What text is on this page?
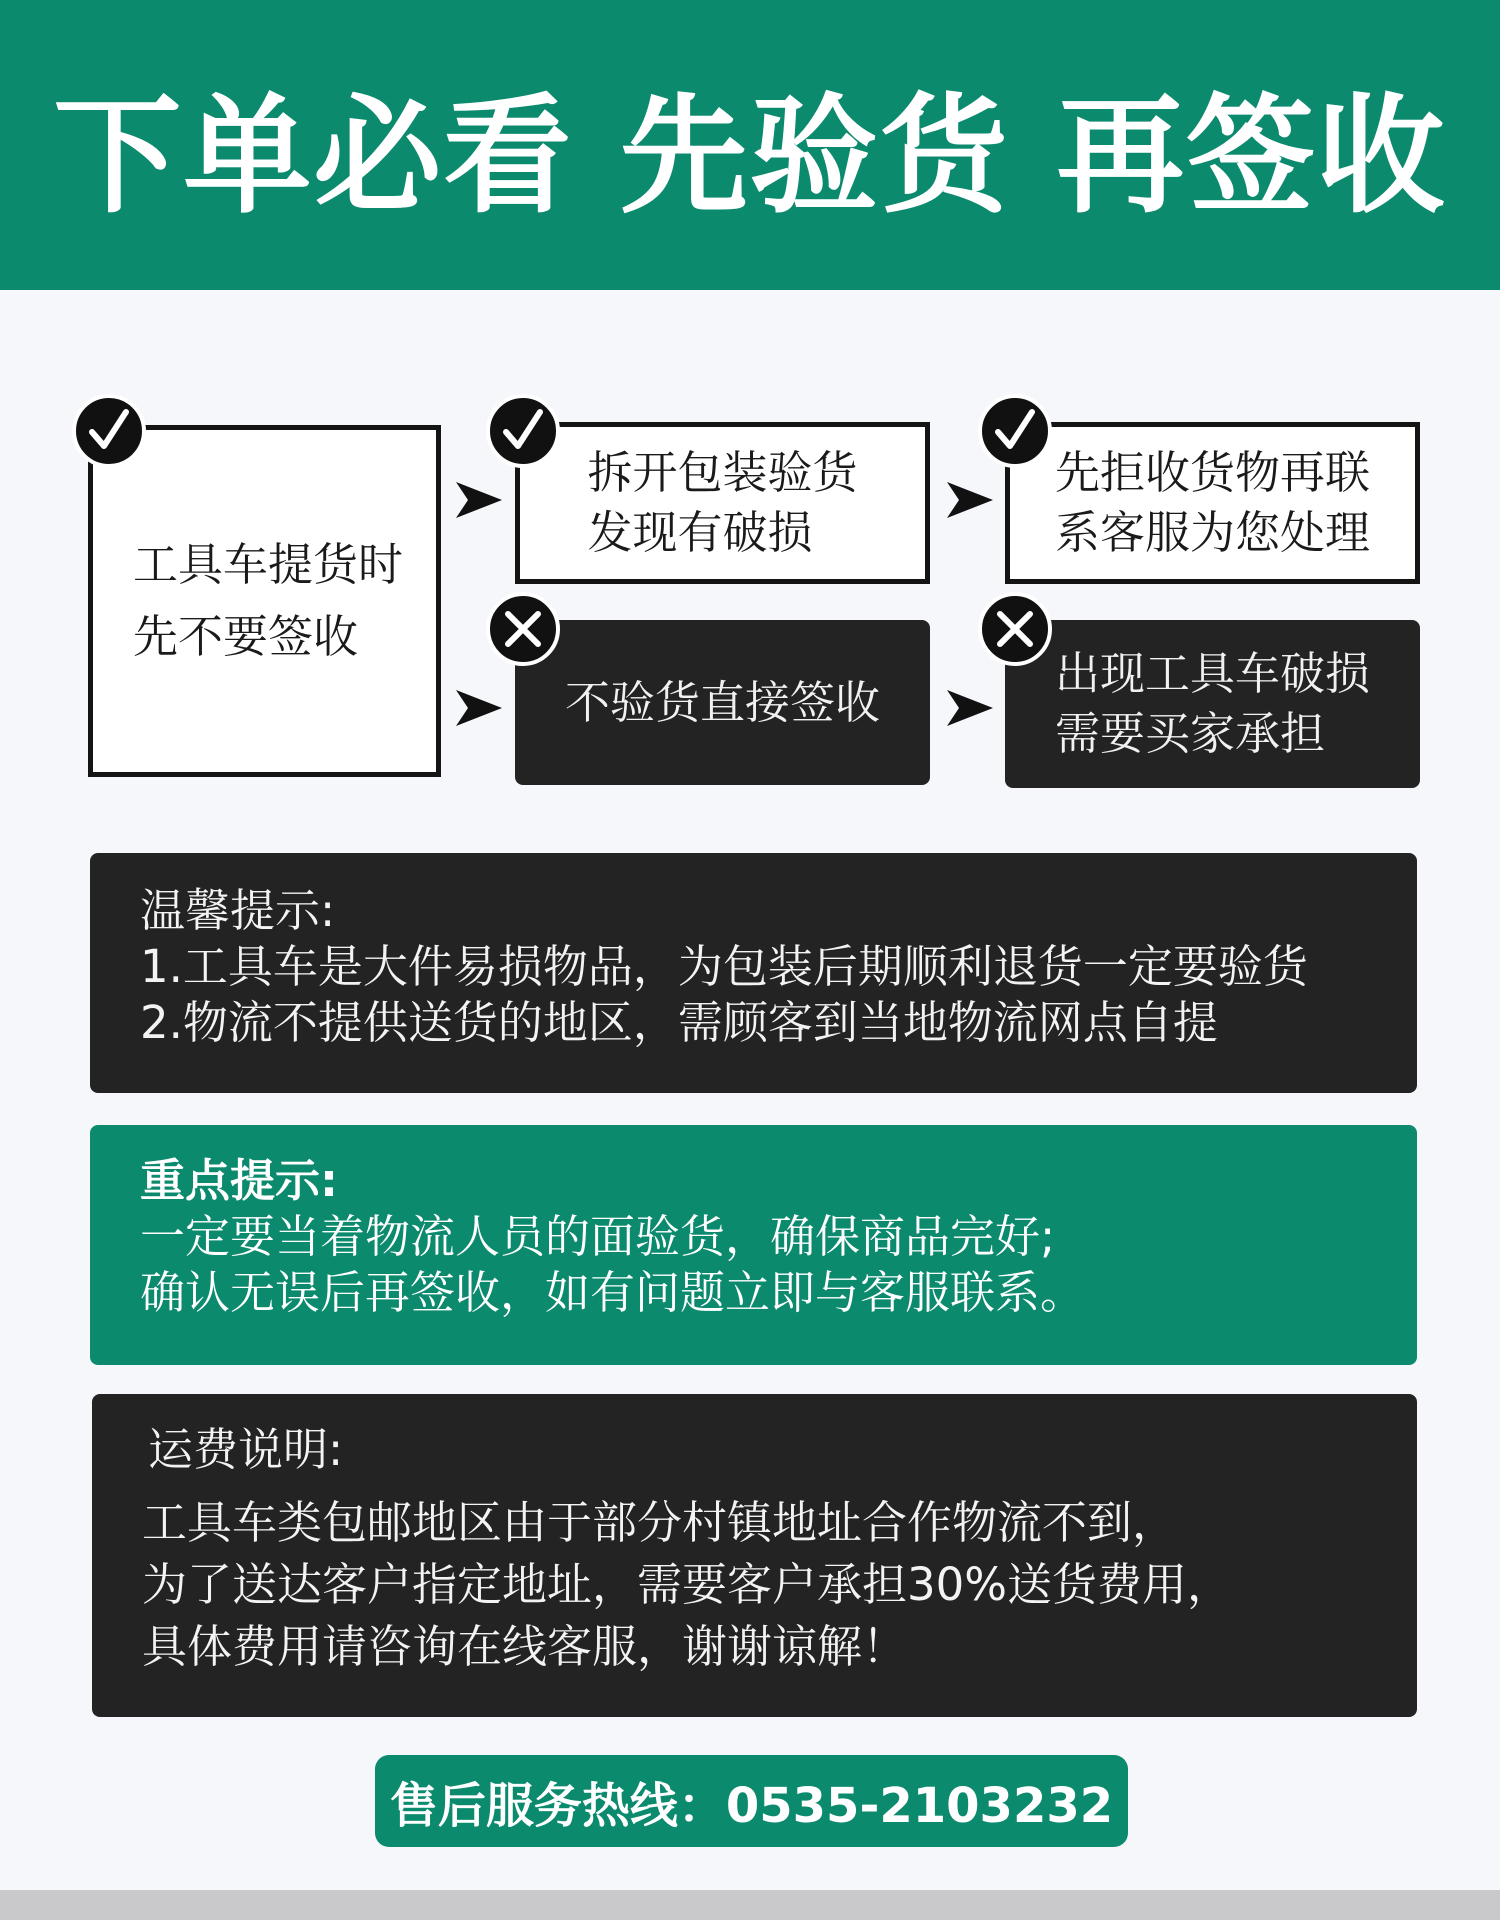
下单必看 先验货 再签收
工具车提货时
先不要签收
拆开包装验货
发现有破损
先拒收货物再联
系客服为您处理
不验货直接签收
出现工具车破损
需要买家承担
温馨提示:
1.工具车是大件易损物品，为包装后期顺利退货一定要验货
2.物流不提供送货的地区，需顾客到当地物流网点自提
重点提示:
一定要当着物流人员的面验货，确保商品完好;
确认无误后再签收，如有问题立即与客服联系。
运费说明:
工具车类包邮地区由于部分村镇地址合作物流不到，
为了送达客户指定地址，需要客户承担30%送货费用，
具体费用请咨询在线客服，谢谢谅解！
售后服务热线：0535-2103232
